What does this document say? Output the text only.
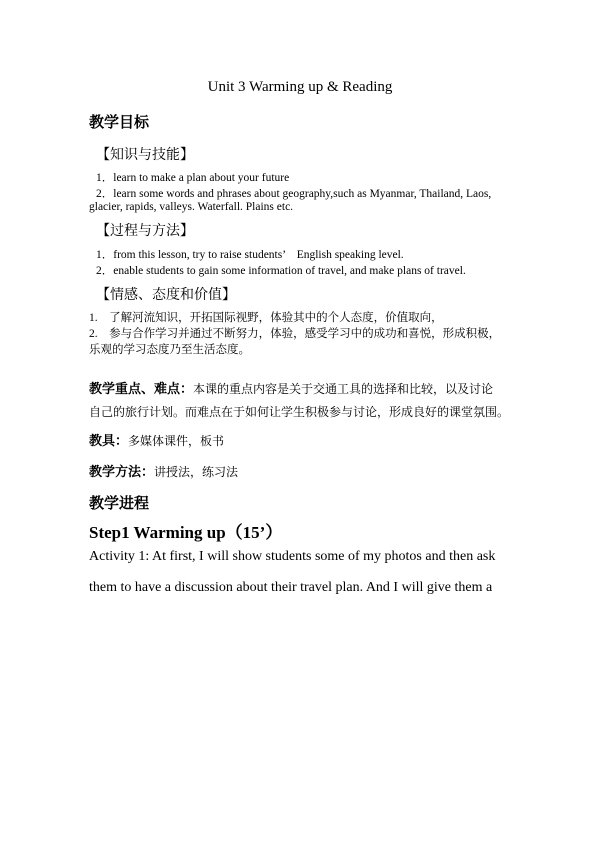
Unit 3 Warming up & Reading
教学目标
【知识与技能】
1．learn to make a plan about your future
2．learn some words and phrases about geography,such as Myanmar, Thailand, Laos,
glacier, rapids, valleys. Waterfall. Plains etc.
【过程与方法】
1．from this lesson, try to raise students’　English speaking level.
2．enable students to gain some information of travel, and make plans of travel.
【情感、态度和价值】
1.　了解河流知识，开拓国际视野，体验其中的个人态度，价值取向，
2.　参与合作学习并通过不断努力，体验，感受学习中的成功和喜悦，形成积极，
乐观的学习态度乃至生活态度。
教学重点、难点：本课的重点内容是关于交通工具的选择和比较，以及讨论
自己的旅行计划。而难点在于如何让学生积极参与讨论，形成良好的课堂氛围。
教具：多媒体课件，板书
教学方法：讲授法，练习法
教学进程
Step1 Warming up（15’）
Activity 1: At first, I will show students some of my photos and then ask
them to have a discussion about their travel plan. And I will give them a
